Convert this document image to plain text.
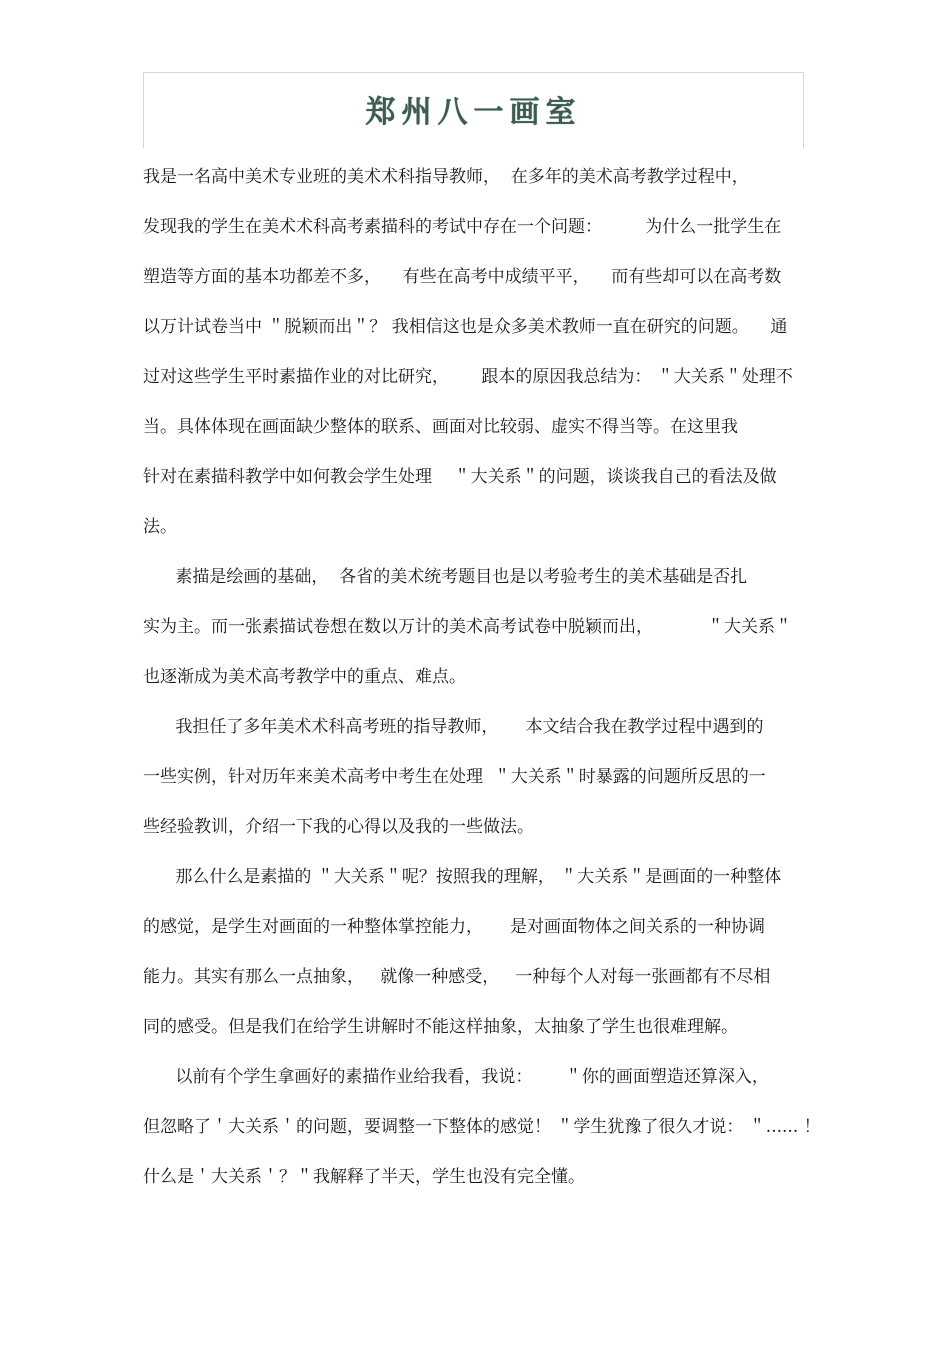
郑州八一画室

我是一名高中美术专业班的美术术科指导教师，  在多年的美术高考教学过程中，

发现我的学生在美术术科高考素描科的考试中存在一个问题：        为什么一批学生在

塑造等方面的基本功都差不多，    有些在高考中成绩平平，    而有些却可以在高考数

以万计试卷当中 ＂脱颖而出＂？ 我相信这也是众多美术教师一直在研究的问题。    通

过对这些学生平时素描作业的对比研究，      跟本的原因我总结为： ＂大关系＂处理不

当。具体体现在画面缺少整体的联系、画面对比较弱、虚实不得当等。在这里我

针对在素描科教学中如何教会学生处理    ＂大关系＂的问题，谈谈我自己的看法及做

法。

素描是绘画的基础，  各省的美术统考题目也是以考验考生的美术基础是否扎

实为主。而一张素描试卷想在数以万计的美术高考试卷中脱颖而出，          ＂大关系＂

也逐渐成为美术高考教学中的重点、难点。

我担任了多年美术术科高考班的指导教师，     本文结合我在教学过程中遇到的

一些实例，针对历年来美术高考中考生在处理  ＂大关系＂时暴露的问题所反思的一

些经验教训，介绍一下我的心得以及我的一些做法。

那么什么是素描的 ＂大关系＂呢？按照我的理解， ＂大关系＂是画面的一种整体

的感觉，是学生对画面的一种整体掌控能力，     是对画面物体之间关系的一种协调

能力。其实有那么一点抽象，   就像一种感受，   一种每个人对每一张画都有不尽相

同的感受。但是我们在给学生讲解时不能这样抽象，太抽象了学生也很难理解。

以前有个学生拿画好的素描作业给我看，我说：      ＂你的画面塑造还算深入，

但忽略了＇大关系＇的问题，要调整一下整体的感觉！ ＂学生犹豫了很久才说： ＂...... ！

什么是＇大关系＇？＂我解释了半天，学生也没有完全懂。
